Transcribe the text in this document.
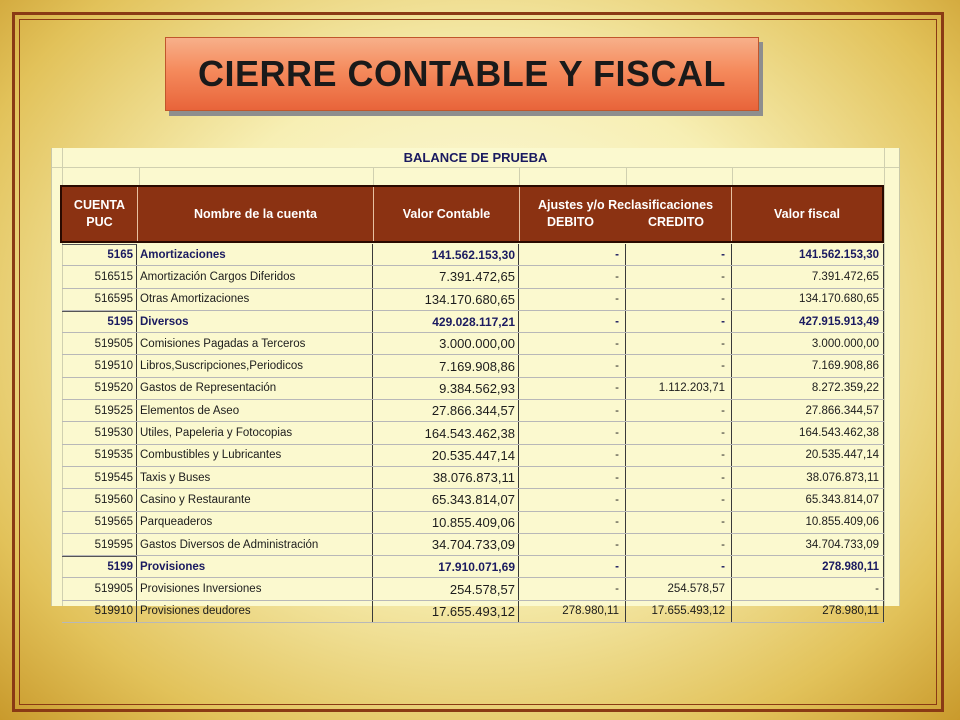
CIERRE CONTABLE Y FISCAL
BALANCE DE PRUEBA
CUENTA
PUC
Nombre de la cuenta	Valor Contable
Ajustes y/o Reclasificaciones
DEBITO	CREDITO
Valor fiscal
5165 Amortizaciones	141.562.153,30	-	-	141.562.153,30
516515 Amortización Cargos Diferidos	7.391.472,65	-	-	7.391.472,65
516595 Otras Amortizaciones	134.170.680,65	-	-	134.170.680,65
5195 Diversos	429.028.117,21	-	-	427.915.913,49
519505 Comisiones Pagadas a Terceros	3.000.000,00	-	-	3.000.000,00
519510 Libros,Suscripciones,Periodicos	7.169.908,86	-	-	7.169.908,86
519520 Gastos de Representación	9.384.562,93	-	1.112.203,71	8.272.359,22
519525 Elementos de Aseo	27.866.344,57	-	-	27.866.344,57
519530 Utiles, Papeleria y Fotocopias	164.543.462,38	-	-	164.543.462,38
519535 Combustibles y Lubricantes	20.535.447,14	-	-	20.535.447,14
519545 Taxis y Buses	38.076.873,11	-	-	38.076.873,11
519560 Casino y Restaurante	65.343.814,07	-	-	65.343.814,07
519565 Parqueaderos	10.855.409,06	-	-	10.855.409,06
519595 Gastos Diversos de Administración	34.704.733,09	-	-	34.704.733,09
5199 Provisiones	17.910.071,69	-	-	278.980,11
519905 Provisiones Inversiones	254.578,57	-	254.578,57	-
519910 Provisiones deudores	17.655.493,12	278.980,11	17.655.493,12	278.980,11
